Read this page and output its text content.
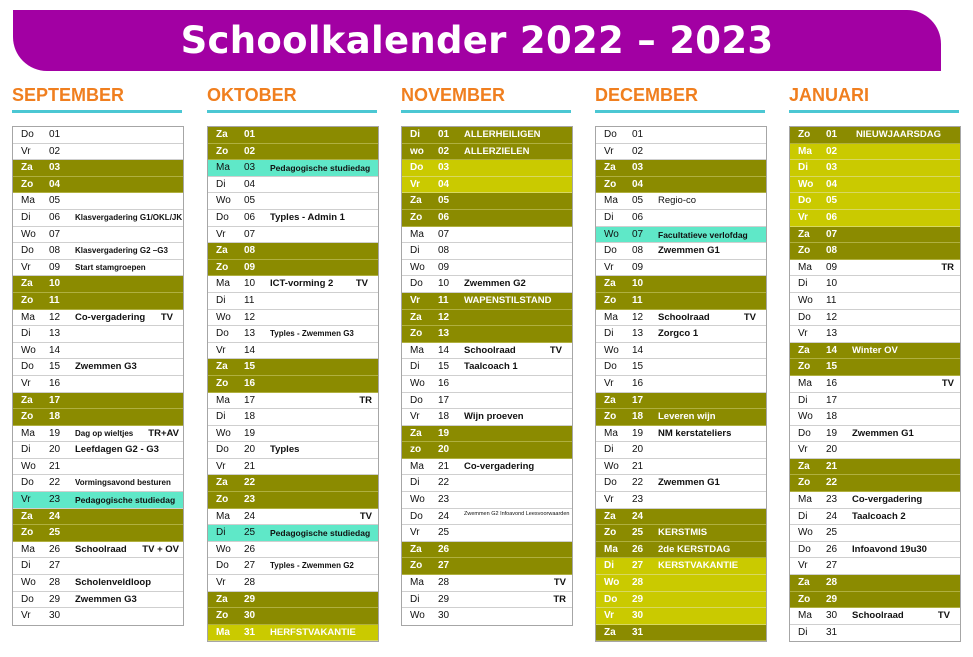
Schoolkalender 2022 – 2023
SEPTEMBER
Do	01
Vr	02
Za	03
Zo	04
Ma	05
Di	06	Klasvergadering G1/OKL/JK
Wo	07
Do	08	Klasvergadering G2 –G3
Vr	09	Start stamgroepen
Za	10
Zo	11
Ma	12	Co-vergadering	TV
Di	13
Wo	14
Do	15	Zwemmen G3
Vr	16
Za	17
Zo	18
Ma	19	Dag op wieltjes	TR+AV
Di	20	Leefdagen G2 - G3
Wo	21
Do	22	Vormingsavond besturen
Vr	23	Pedagogische studiedag
Za	24
Zo	25
Ma	26	Schoolraad	TV + OV
Di	27
Wo	28	Scholenveldloop
Do	29	Zwemmen G3
Vr	30
OKTOBER
Za	01
Zo	02
Ma	03	Pedagogische studiedag
Di	04
Wo	05
Do	06	Typles - Admin 1
Vr	07
Za	08
Zo	09
Ma	10	ICT-vorming 2	TV
Di	11
Wo	12
Do	13	Typles - Zwemmen G3
Vr	14
Za	15
Zo	16
Ma	17	TR
Di	18
Wo	19
Do	20	Typles
Vr	21
Za	22
Zo	23
Ma	24	TV
Di	25	Pedagogische studiedag
Wo	26
Do	27	Typles - Zwemmen G2
Vr	28
Za	29
Zo	30
Ma	31	HERFSTVAKANTIE
NOVEMBER
Di	01	ALLERHEILIGEN
wo	02	ALLERZIELEN
Do	03
Vr	04
Za	05
Zo	06
Ma	07
Di	08
Wo	09
Do	10	Zwemmen G2
Vr	11	WAPENSTILSTAND
Za	12
Zo	13
Ma	14	Schoolraad	TV
Di	15	Taalcoach 1
Wo	16
Do	17
Vr	18	Wijn proeven
Za	19
zo	20
Ma	21	Co-vergadering
Di	22
Wo	23
Do	24	Zwemmen G2 Infoavond Leesvoorwaarden
Vr	25
Za	26
Zo	27
Ma	28	TV
Di	29	TR
Wo	30
DECEMBER
Do	01
Vr	02
Za	03
Zo	04
Ma	05	Regio-co
Di	06
Wo	07	Facultatieve verlofdag
Do	08	Zwemmen G1
Vr	09
Za	10
Zo	11
Ma	12	Schoolraad	TV
Di	13	Zorgco 1
Wo	14
Do	15
Vr	16
Za	17
Zo	18	Leveren wijn
Ma	19	NM kerstateliers
Di	20
Wo	21
Do	22	Zwemmen G1
Vr	23
Za	24
Zo	25	KERSTMIS
Ma	26	2de KERSTDAG
Di	27	KERSTVAKANTIE
Wo	28
Do	29
Vr	30
Za	31
JANUARI
Zo	01	NIEUWJAARSDAG
Ma	02
Di	03
Wo	04
Do	05
Vr	06
Za	07
Zo	08
Ma	09	TR
Di	10
Wo	11
Do	12
Vr	13
Za	14	Winter OV
Zo	15
Ma	16	TV
Di	17
Wo	18
Do	19	Zwemmen G1
Vr	20
Za	21
Zo	22
Ma	23	Co-vergadering
Di	24	Taalcoach 2
Wo	25
Do	26	Infoavond 19u30
Vr	27
Za	28
Zo	29
Ma	30	Schoolraad	TV
Di	31
